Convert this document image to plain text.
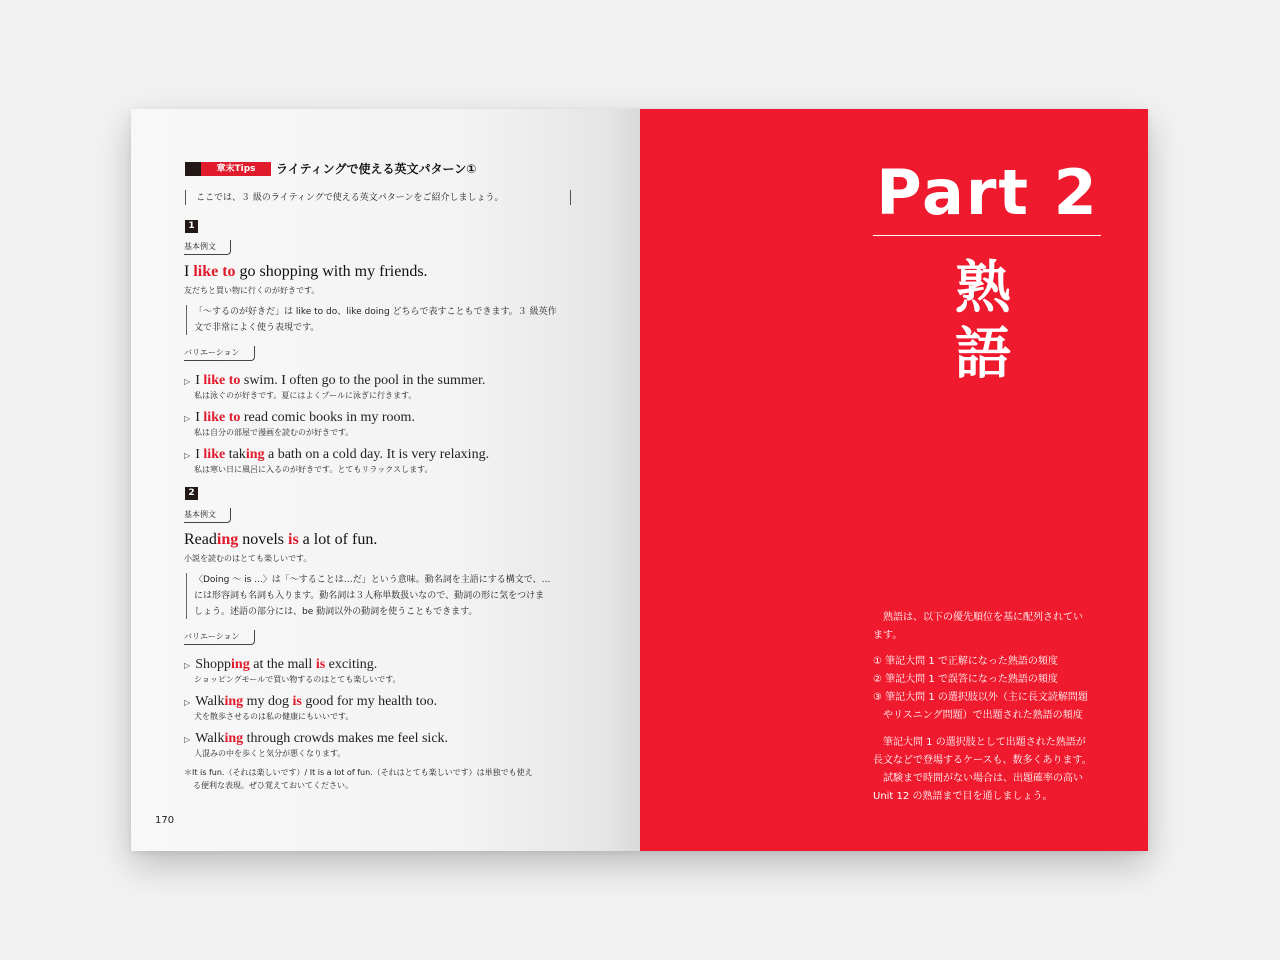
章末Tips	ライティングで使える英文パターン①
ここでは、３ 級のライティングで使える英文パターンをご紹介しましょう。
1
基本例文
I like to go shopping with my friends.
友だちと買い物に行くのが好きです。
「～するのが好きだ」は like to do、like doing どちらで表すこともできます。３ 級英作
文で非常によく使う表現です。
バリエーション
▷ I like to swim. I often go to the pool in the summer.
私は泳ぐのが好きです。夏にはよくプールに泳ぎに行きます。
▷ I like to read comic books in my room.
私は自分の部屋で漫画を読むのが好きです。
▷ I like taking a bath on a cold day. It is very relaxing.
私は寒い日に風呂に入るのが好きです。とてもリラックスします。
2
基本例文
Reading novels is a lot of fun.
小説を読むのはとても楽しいです。
〈Doing ～ is ...〉は「～することは…だ」という意味。動名詞を主語にする構文で、…
には形容詞も名詞も入ります。動名詞は３人称単数扱いなので、動詞の形に気をつけま
しょう。述語の部分には、be 動詞以外の動詞を使うこともできます。
バリエーション
▷ Shopping at the mall is exciting.
ショッピングモールで買い物するのはとても楽しいです。
▷ Walking my dog is good for my health too.
犬を散歩させるのは私の健康にもいいです。
▷ Walking through crowds makes me feel sick.
人混みの中を歩くと気分が悪くなります。
＊It is fun.（それは楽しいです）/ It is a lot of fun.（それはとても楽しいです）は単独でも使え
る便利な表現。ぜひ覚えておいてください。
170
Part 2
熟
語
　熟語は、以下の優先順位を基に配列されてい
ます。
① 筆記大問 1 で正解になった熟語の頻度
② 筆記大問 1 で誤答になった熟語の頻度
③ 筆記大問 1 の選択肢以外（主に長文読解問題
　やリスニング問題）で出題された熟語の頻度
　筆記大問 1 の選択肢として出題された熟語が
長文などで登場するケースも、数多くあります。
　試験まで時間がない場合は、出題確率の高い
Unit 12 の熟語まで目を通しましょう。
